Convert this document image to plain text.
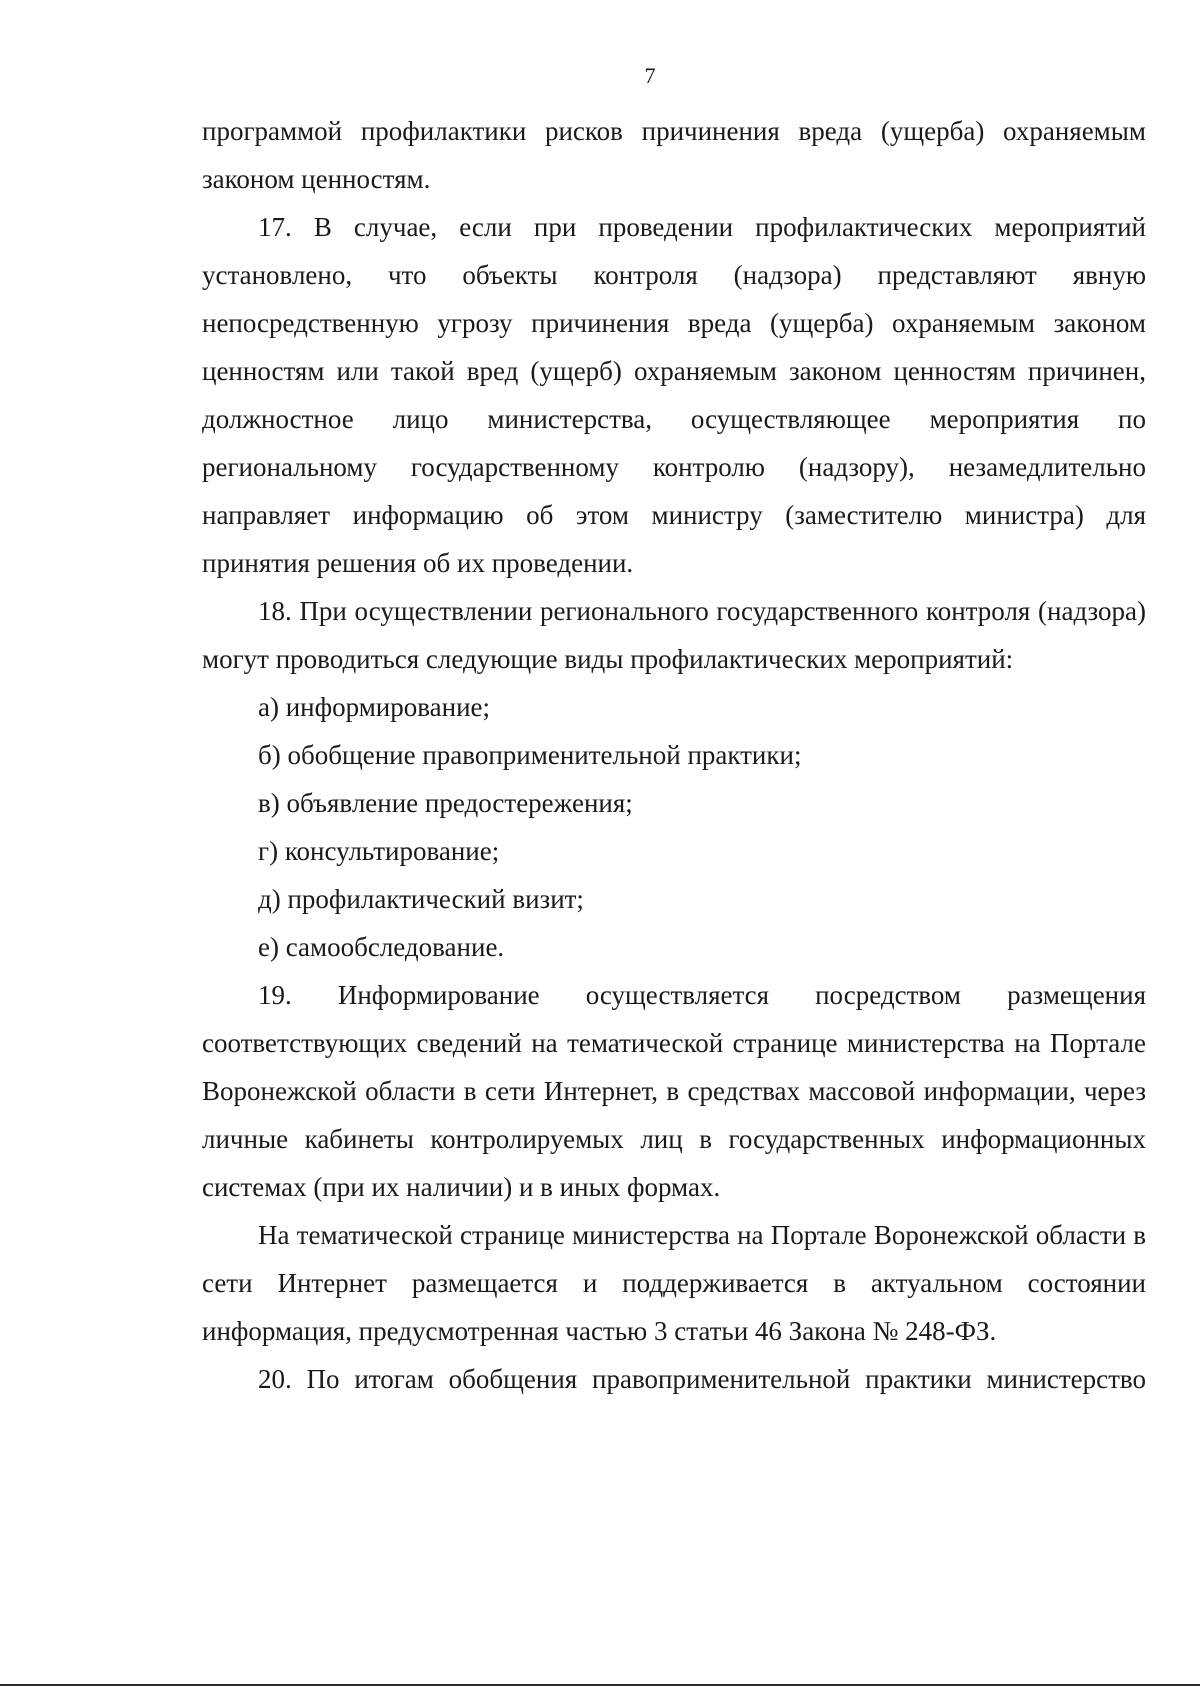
7

программой профилактики рисков причинения вреда (ущерба) охраняемым законом ценностям.

17. В случае, если при проведении профилактических мероприятий установлено, что объекты контроля (надзора) представляют явную непосредственную угрозу причинения вреда (ущерба) охраняемым законом ценностям или такой вред (ущерб) охраняемым законом ценностям причинен, должностное лицо министерства, осуществляющее мероприятия по региональному государственному контролю (надзору), незамедлительно направляет информацию об этом министру (заместителю министра) для принятия решения об их проведении.

18. При осуществлении регионального государственного контроля (надзора) могут проводиться следующие виды профилактических мероприятий:

а) информирование;

б) обобщение правоприменительной практики;

в) объявление предостережения;

г) консультирование;

д) профилактический визит;

е) самообследование.

19. Информирование осуществляется посредством размещения соответствующих сведений на тематической странице министерства на Портале Воронежской области в сети Интернет, в средствах массовой информации, через личные кабинеты контролируемых лиц в государственных информационных системах (при их наличии) и в иных формах.

На тематической странице министерства на Портале Воронежской области в сети Интернет размещается и поддерживается в актуальном состоянии информация, предусмотренная частью 3 статьи 46 Закона № 248-ФЗ.

20. По итогам обобщения правоприменительной практики министерство
